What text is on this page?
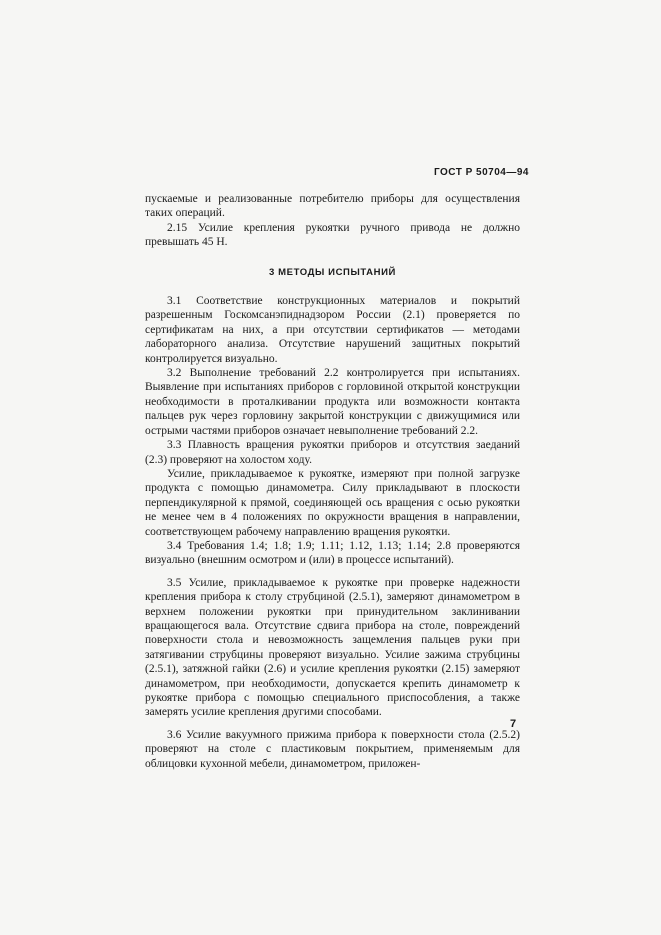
ГОСТ Р 50704—94

пускаемые и реализованные потребителю приборы для осуществления таких операций.

2.15 Усилие крепления рукоятки ручного привода не должно превышать 45 Н.

3 МЕТОДЫ ИСПЫТАНИЙ

3.1 Соответствие конструкционных материалов и покрытий разрешенным Госкомсанэпиднадзором России (2.1) проверяется по сертификатам на них, а при отсутствии сертификатов — методами лабораторного анализа. Отсутствие нарушений защитных покрытий контролируется визуально.

3.2 Выполнение требований 2.2 контролируется при испытаниях. Выявление при испытаниях приборов с горловиной открытой конструкции необходимости в проталкивании продукта или возможности контакта пальцев рук через горловину закрытой конструкции с движущимися или острыми частями приборов означает невыполнение требований 2.2.

3.3 Плавность вращения рукоятки приборов и отсутствия заеданий (2.3) проверяют на холостом ходу.

Усилие, прикладываемое к рукоятке, измеряют при полной загрузке продукта с помощью динамометра. Силу прикладывают в плоскости перпендикулярной к прямой, соединяющей ось вращения с осью рукоятки не менее чем в 4 положениях по окружности вращения в направлении, соответствующем рабочему направлению вращения рукоятки.

3.4 Требования 1.4; 1.8; 1.9; 1.11; 1.12, 1.13; 1.14; 2.8 проверяются визуально (внешним осмотром и (или) в процессе испытаний).

3.5 Усилие, прикладываемое к рукоятке при проверке надежности крепления прибора к столу струбциной (2.5.1), замеряют динамометром в верхнем положении рукоятки при принудительном заклинивании вращающегося вала. Отсутствие сдвига прибора на столе, повреждений поверхности стола и невозможность защемления пальцев руки при затягивании струбцины проверяют визуально. Усилие зажима струбцины (2.5.1), затяжной гайки (2.6) и усилие крепления рукоятки (2.15) замеряют динамометром, при необходимости, допускается крепить динамометр к рукоятке прибора с помощью специального приспособления, а также замерять усилие крепления другими способами.

3.6 Усилие вакуумного прижима прибора к поверхности стола (2.5.2) проверяют на столе с пластиковым покрытием, применяемым для облицовки кухонной мебели, динамометром, приложен-

7
